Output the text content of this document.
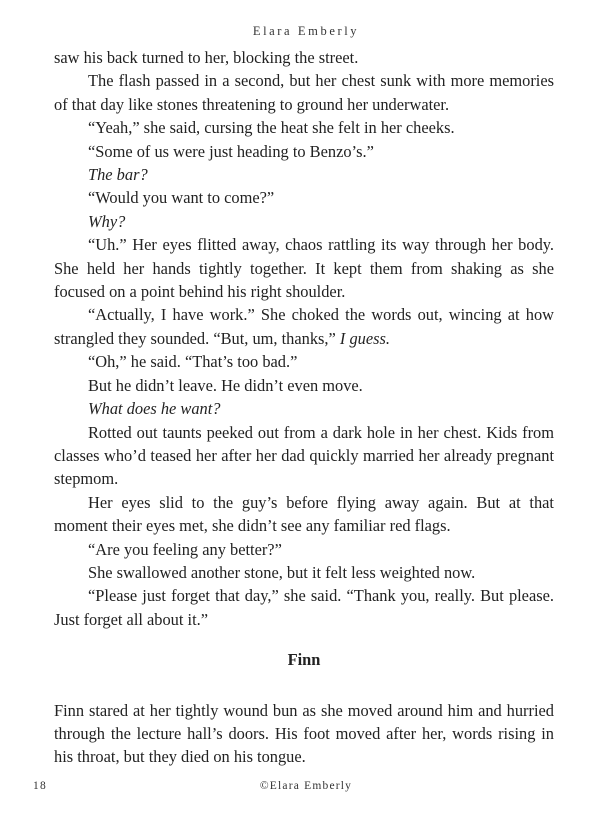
Elara Emberly

saw his back turned to her, blocking the street.

The flash passed in a second, but her chest sunk with more memories of that day like stones threatening to ground her underwater.

“Yeah,” she said, cursing the heat she felt in her cheeks.

“Some of us were just heading to Benzo’s.”

The bar?

“Would you want to come?”

Why?

“Uh.” Her eyes flitted away, chaos rattling its way through her body. She held her hands tightly together. It kept them from shaking as she focused on a point behind his right shoulder.

“Actually, I have work.” She choked the words out, wincing at how strangled they sounded. “But, um, thanks,” I guess.

“Oh,” he said. “That’s too bad.”

But he didn’t leave. He didn’t even move.

What does he want?

Rotted out taunts peeked out from a dark hole in her chest. Kids from classes who’d teased her after her dad quickly married her already pregnant stepmom.

Her eyes slid to the guy’s before flying away again. But at that moment their eyes met, she didn’t see any familiar red flags.

“Are you feeling any better?”

She swallowed another stone, but it felt less weighted now.

“Please just forget that day,” she said. “Thank you, really. But please. Just forget all about it.”

Finn

Finn stared at her tightly wound bun as she moved around him and hurried through the lecture hall’s doors. His foot moved after her, words rising in his throat, but they died on his tongue.

18	©Elara Emberly
